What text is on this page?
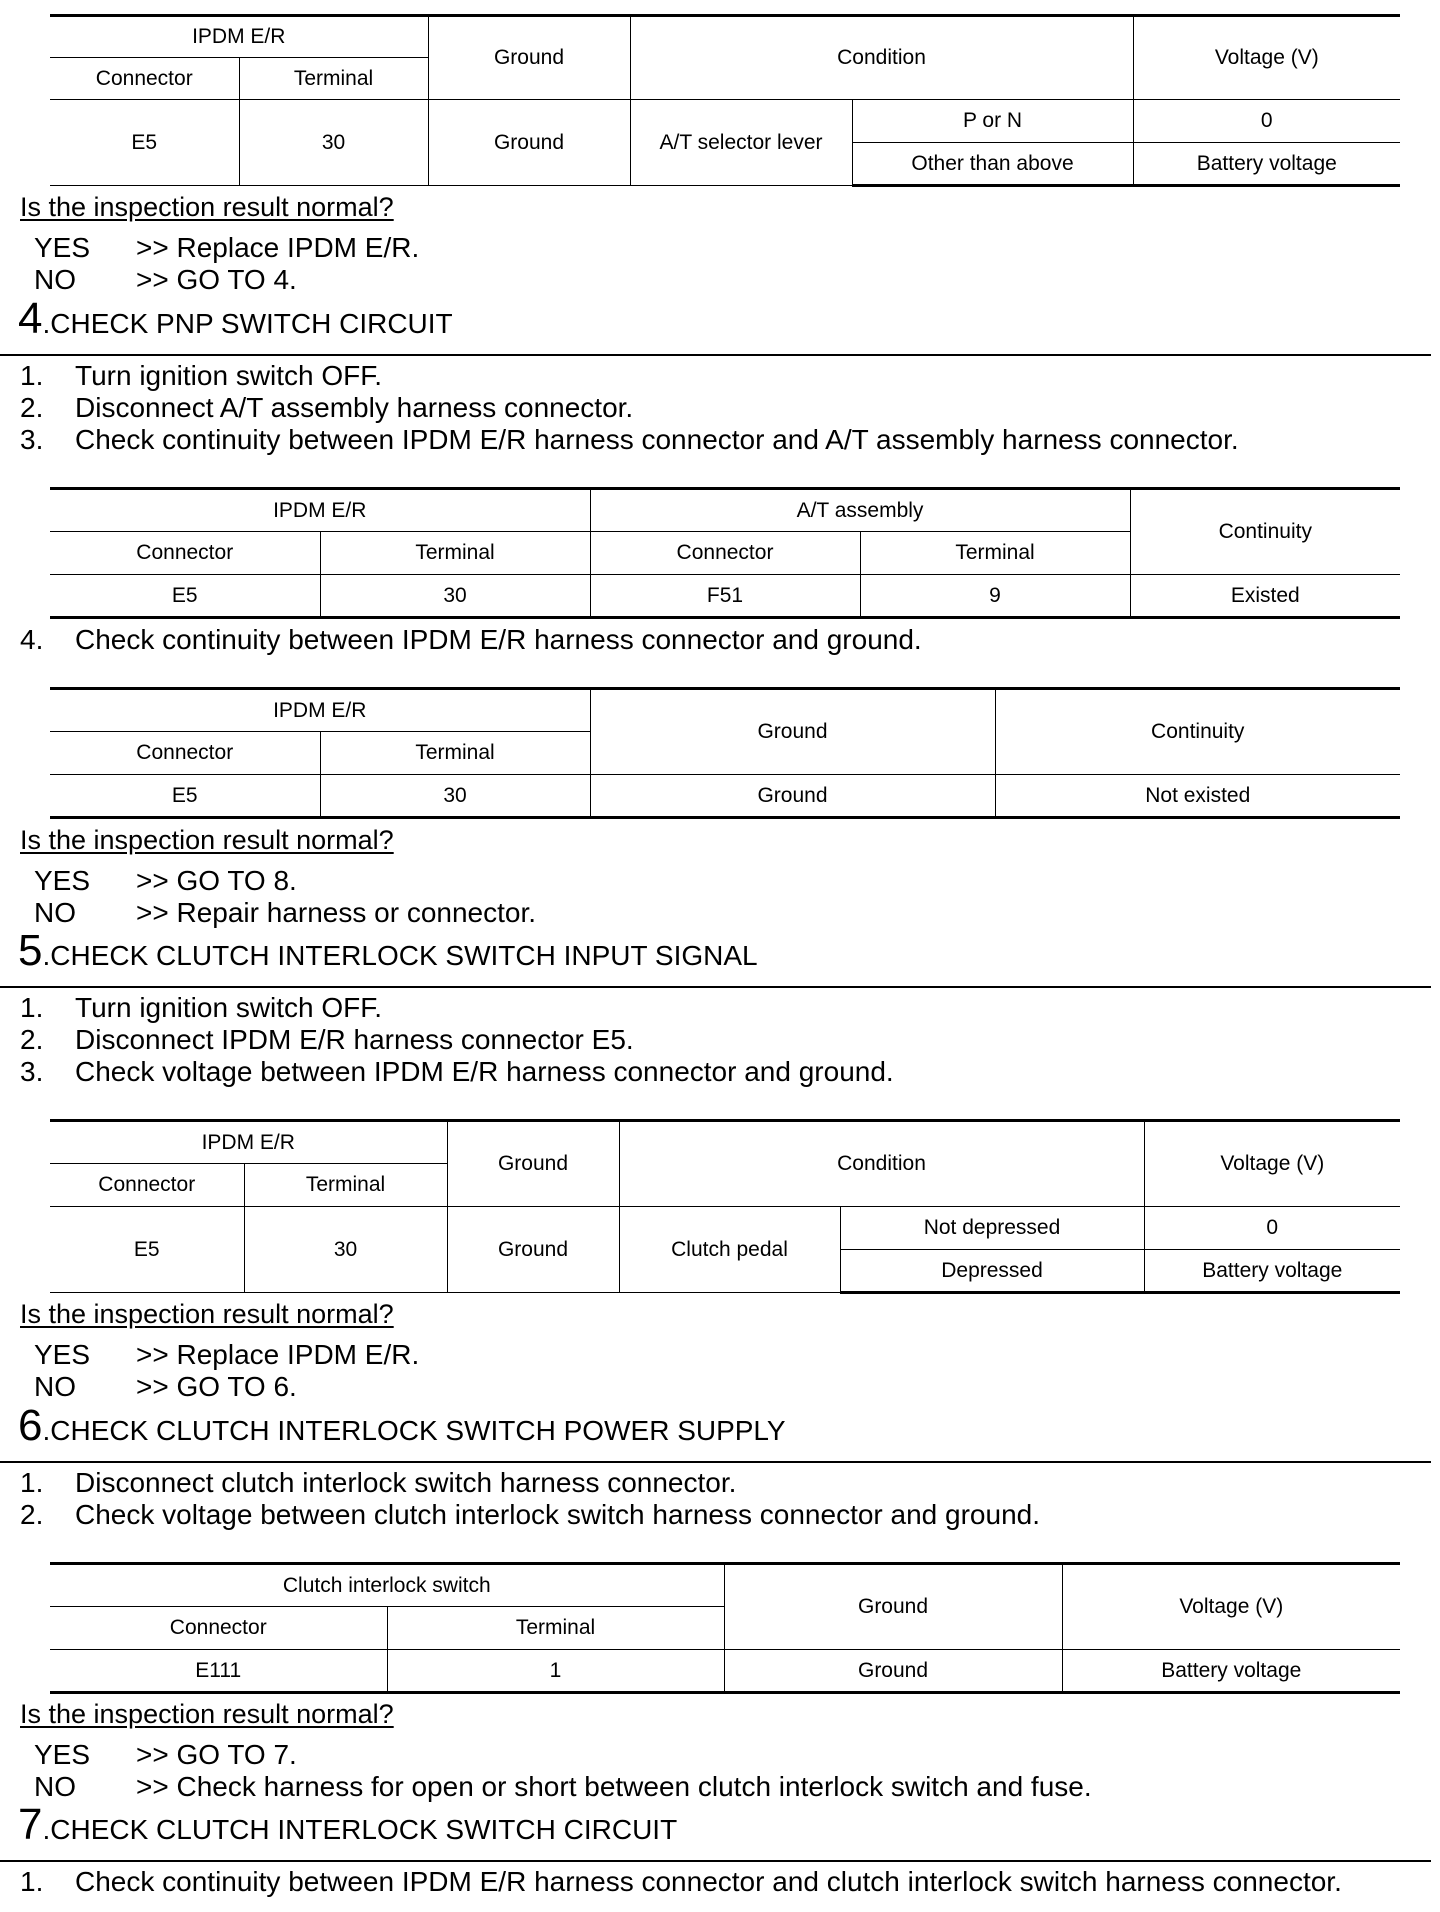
IPDM E/R		Ground	Condition		Voltage (V)
Connector	Terminal				
E5	30	Ground	A/T selector lever	P or N	0
				Other than above	Battery voltage
Is the inspection result normal?
YES >> Replace IPDM E/R.
NO >> GO TO 4.
4.CHECK PNP SWITCH CIRCUIT
1. Turn ignition switch OFF.
2. Disconnect A/T assembly harness connector.
3. Check continuity between IPDM E/R harness connector and A/T assembly harness connector.
IPDM E/R		A/T assembly		Continuity
Connector	Terminal	Connector	Terminal	
E5	30	F51	9	Existed
4. Check continuity between IPDM E/R harness connector and ground.
IPDM E/R		Ground	Continuity
Connector	Terminal		
E5	30	Ground	Not existed
Is the inspection result normal?
YES >> GO TO 8.
NO >> Repair harness or connector.
5.CHECK CLUTCH INTERLOCK SWITCH INPUT SIGNAL
1. Turn ignition switch OFF.
2. Disconnect IPDM E/R harness connector E5.
3. Check voltage between IPDM E/R harness connector and ground.
IPDM E/R		Ground	Condition		Voltage (V)
Connector	Terminal				
E5	30	Ground	Clutch pedal	Not depressed	0
				Depressed	Battery voltage
Is the inspection result normal?
YES >> Replace IPDM E/R.
NO >> GO TO 6.
6.CHECK CLUTCH INTERLOCK SWITCH POWER SUPPLY
1. Disconnect clutch interlock switch harness connector.
2. Check voltage between clutch interlock switch harness connector and ground.
Clutch interlock switch		Ground	Voltage (V)
Connector	Terminal		
E111	1	Ground	Battery voltage
Is the inspection result normal?
YES >> GO TO 7.
NO >> Check harness for open or short between clutch interlock switch and fuse.
7.CHECK CLUTCH INTERLOCK SWITCH CIRCUIT
1. Check continuity between IPDM E/R harness connector and clutch interlock switch harness connector.
